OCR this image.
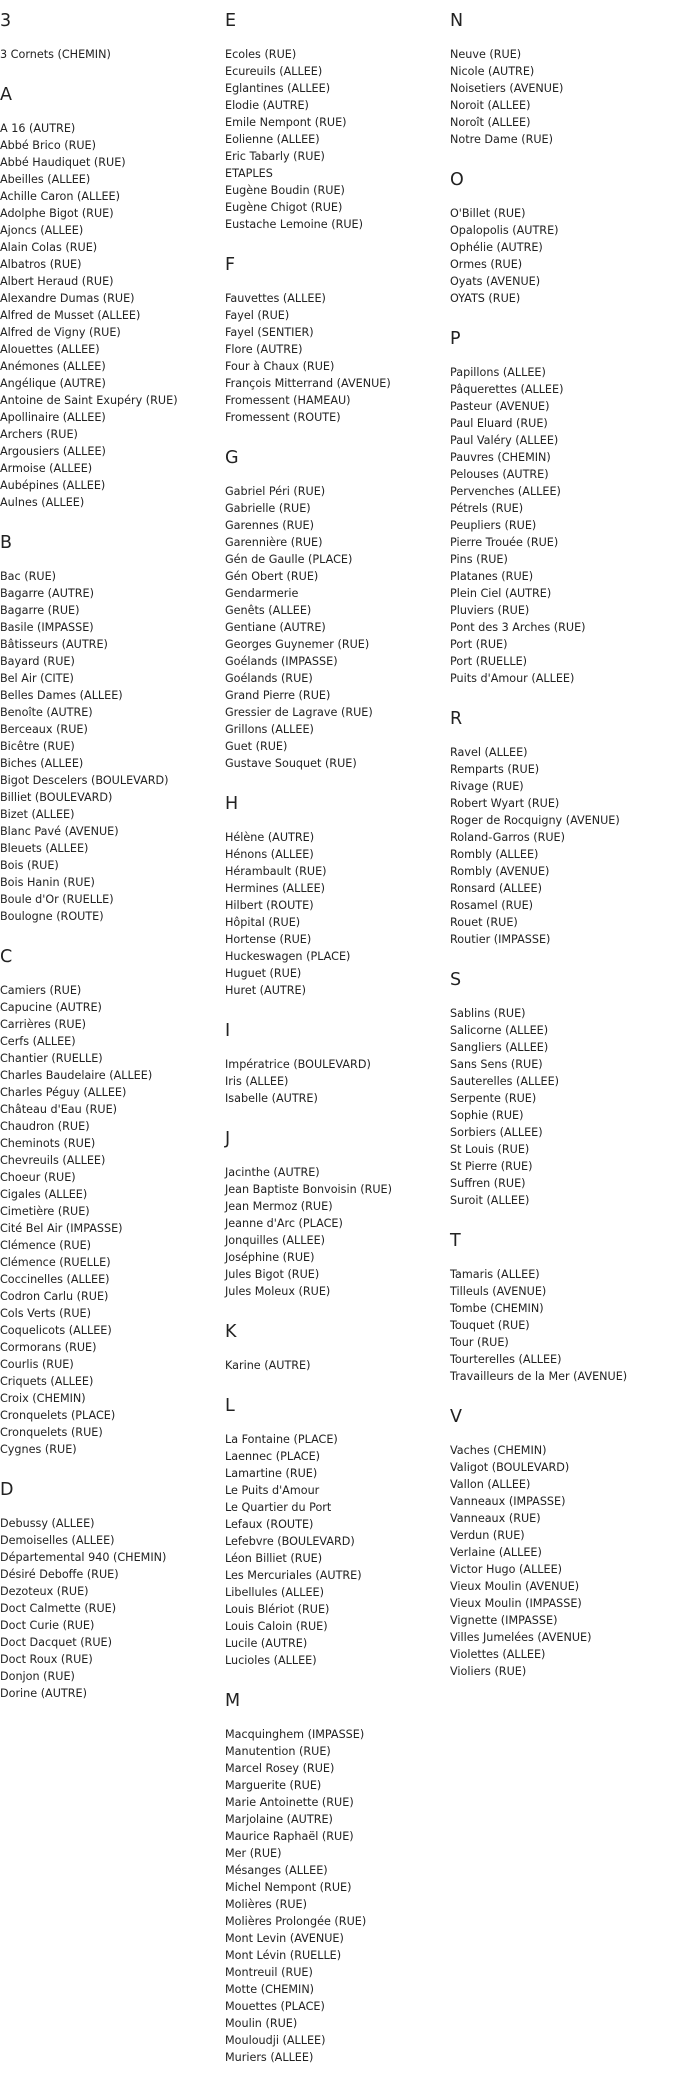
3
3 Cornets (CHEMIN)
A
A 16 (AUTRE)
Abbé Brico (RUE)
Abbé Haudiquet (RUE)
Abeilles (ALLEE)
Achille Caron (ALLEE)
Adolphe Bigot (RUE)
Ajoncs (ALLEE)
Alain Colas (RUE)
Albatros (RUE)
Albert Heraud (RUE)
Alexandre Dumas (RUE)
Alfred de Musset (ALLEE)
Alfred de Vigny (RUE)
Alouettes (ALLEE)
Anémones (ALLEE)
Angélique (AUTRE)
Antoine de Saint Exupéry (RUE)
Apollinaire (ALLEE)
Archers (RUE)
Argousiers (ALLEE)
Armoise (ALLEE)
Aubépines (ALLEE)
Aulnes (ALLEE)
B
Bac (RUE)
Bagarre (AUTRE)
Bagarre (RUE)
Basile (IMPASSE)
Bâtisseurs (AUTRE)
Bayard (RUE)
Bel Air (CITE)
Belles Dames (ALLEE)
Benoîte (AUTRE)
Berceaux (RUE)
Bicêtre (RUE)
Biches (ALLEE)
Bigot Descelers (BOULEVARD)
Billiet (BOULEVARD)
Bizet (ALLEE)
Blanc Pavé (AVENUE)
Bleuets (ALLEE)
Bois (RUE)
Bois Hanin (RUE)
Boule d'Or (RUELLE)
Boulogne (ROUTE)
C
Camiers (RUE)
Capucine (AUTRE)
Carrières (RUE)
Cerfs (ALLEE)
Chantier (RUELLE)
Charles Baudelaire (ALLEE)
Charles Péguy (ALLEE)
Château d'Eau (RUE)
Chaudron (RUE)
Cheminots (RUE)
Chevreuils (ALLEE)
Choeur (RUE)
Cigales (ALLEE)
Cimetière (RUE)
Cité Bel Air (IMPASSE)
Clémence (RUE)
Clémence (RUELLE)
Coccinelles (ALLEE)
Codron Carlu (RUE)
Cols Verts (RUE)
Coquelicots (ALLEE)
Cormorans (RUE)
Courlis (RUE)
Criquets (ALLEE)
Croix (CHEMIN)
Cronquelets (PLACE)
Cronquelets (RUE)
Cygnes (RUE)
D
Debussy (ALLEE)
Demoiselles (ALLEE)
Départemental 940 (CHEMIN)
Désiré Deboffe (RUE)
Dezoteux (RUE)
Doct Calmette (RUE)
Doct Curie (RUE)
Doct Dacquet (RUE)
Doct Roux (RUE)
Donjon (RUE)
Dorine (AUTRE)
E
Ecoles (RUE)
Ecureuils (ALLEE)
Eglantines (ALLEE)
Elodie (AUTRE)
Emile Nempont (RUE)
Eolienne (ALLEE)
Eric Tabarly (RUE)
ETAPLES
Eugène Boudin (RUE)
Eugène Chigot (RUE)
Eustache Lemoine (RUE)
F
Fauvettes (ALLEE)
Fayel (RUE)
Fayel (SENTIER)
Flore (AUTRE)
Four à Chaux (RUE)
François Mitterrand (AVENUE)
Fromessent (HAMEAU)
Fromessent (ROUTE)
G
Gabriel Péri (RUE)
Gabrielle (RUE)
Garennes (RUE)
Garennière (RUE)
Gén de Gaulle (PLACE)
Gén Obert (RUE)
Gendarmerie
Genêts (ALLEE)
Gentiane (AUTRE)
Georges Guynemer (RUE)
Goélands (IMPASSE)
Goélands (RUE)
Grand Pierre (RUE)
Gressier de Lagrave (RUE)
Grillons (ALLEE)
Guet (RUE)
Gustave Souquet (RUE)
H
Hélène (AUTRE)
Hénons (ALLEE)
Hérambault (RUE)
Hermines (ALLEE)
Hilbert (ROUTE)
Hôpital (RUE)
Hortense (RUE)
Huckeswagen (PLACE)
Huguet (RUE)
Huret (AUTRE)
I
Impératrice (BOULEVARD)
Iris (ALLEE)
Isabelle (AUTRE)
J
Jacinthe (AUTRE)
Jean Baptiste Bonvoisin (RUE)
Jean Mermoz (RUE)
Jeanne d'Arc (PLACE)
Jonquilles (ALLEE)
Joséphine (RUE)
Jules Bigot (RUE)
Jules Moleux (RUE)
K
Karine (AUTRE)
L
La Fontaine (PLACE)
Laennec (PLACE)
Lamartine (RUE)
Le Puits d'Amour
Le Quartier du Port
Lefaux (ROUTE)
Lefebvre (BOULEVARD)
Léon Billiet (RUE)
Les Mercuriales (AUTRE)
Libellules (ALLEE)
Louis Blériot (RUE)
Louis Caloin (RUE)
Lucile (AUTRE)
Lucioles (ALLEE)
M
Macquinghem (IMPASSE)
Manutention (RUE)
Marcel Rosey (RUE)
Marguerite (RUE)
Marie Antoinette (RUE)
Marjolaine (AUTRE)
Maurice Raphaël (RUE)
Mer (RUE)
Mésanges (ALLEE)
Michel Nempont (RUE)
Molières (RUE)
Molières Prolongée (RUE)
Mont Levin (AVENUE)
Mont Lévin (RUELLE)
Montreuil (RUE)
Motte (CHEMIN)
Mouettes (PLACE)
Moulin (RUE)
Mouloudji (ALLEE)
Muriers (ALLEE)
N
Neuve (RUE)
Nicole (AUTRE)
Noisetiers (AVENUE)
Noroit (ALLEE)
Noroît (ALLEE)
Notre Dame (RUE)
O
O'Billet (RUE)
Opalopolis (AUTRE)
Ophélie (AUTRE)
Ormes (RUE)
Oyats (AVENUE)
OYATS (RUE)
P
Papillons (ALLEE)
Pâquerettes (ALLEE)
Pasteur (AVENUE)
Paul Eluard (RUE)
Paul Valéry (ALLEE)
Pauvres (CHEMIN)
Pelouses (AUTRE)
Pervenches (ALLEE)
Pétrels (RUE)
Peupliers (RUE)
Pierre Trouée (RUE)
Pins (RUE)
Platanes (RUE)
Plein Ciel (AUTRE)
Pluviers (RUE)
Pont des 3 Arches (RUE)
Port (RUE)
Port (RUELLE)
Puits d'Amour (ALLEE)
R
Ravel (ALLEE)
Remparts (RUE)
Rivage (RUE)
Robert Wyart (RUE)
Roger de Rocquigny (AVENUE)
Roland-Garros (RUE)
Rombly (ALLEE)
Rombly (AVENUE)
Ronsard (ALLEE)
Rosamel (RUE)
Rouet (RUE)
Routier (IMPASSE)
S
Sablins (RUE)
Salicorne (ALLEE)
Sangliers (ALLEE)
Sans Sens (RUE)
Sauterelles (ALLEE)
Serpente (RUE)
Sophie (RUE)
Sorbiers (ALLEE)
St Louis (RUE)
St Pierre (RUE)
Suffren (RUE)
Suroit (ALLEE)
T
Tamaris (ALLEE)
Tilleuls (AVENUE)
Tombe (CHEMIN)
Touquet (RUE)
Tour (RUE)
Tourterelles (ALLEE)
Travailleurs de la Mer (AVENUE)
V
Vaches (CHEMIN)
Valigot (BOULEVARD)
Vallon (ALLEE)
Vanneaux (IMPASSE)
Vanneaux (RUE)
Verdun (RUE)
Verlaine (ALLEE)
Victor Hugo (ALLEE)
Vieux Moulin (AVENUE)
Vieux Moulin (IMPASSE)
Vignette (IMPASSE)
Villes Jumelées (AVENUE)
Violettes (ALLEE)
Violiers (RUE)
